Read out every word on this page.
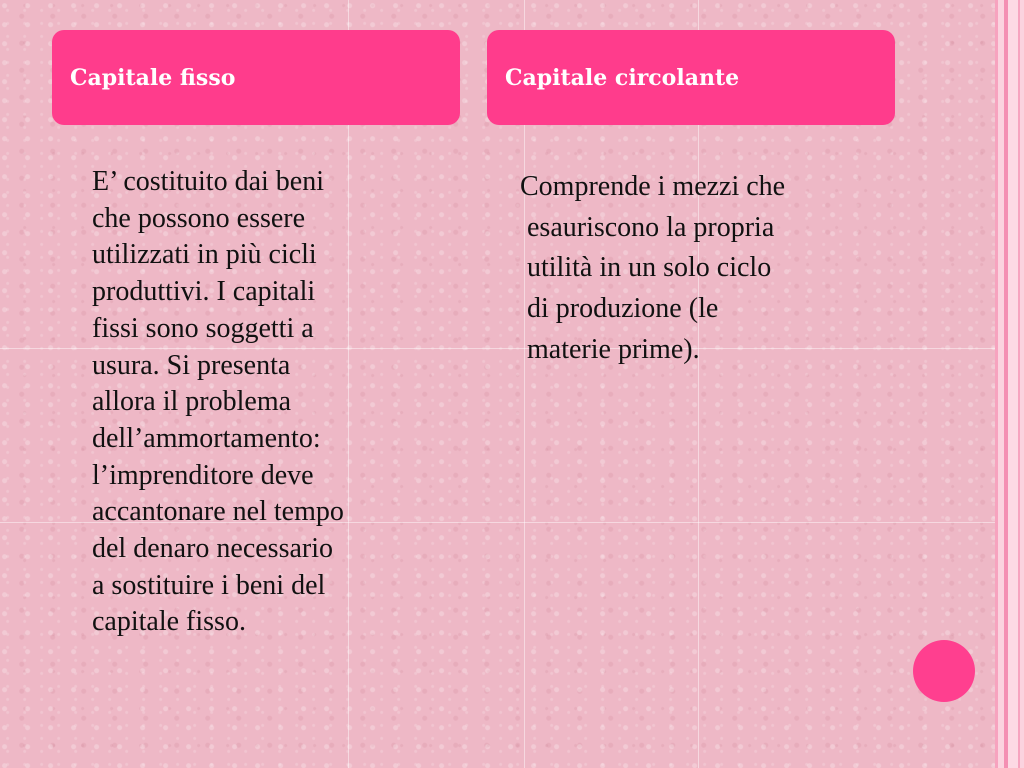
Capitale fisso	Capitale circolante

E’ costituito dai beni
che possono essere
utilizzati in più cicli
produttivi. I capitali
fissi sono soggetti a
usura. Si presenta
allora il problema
dell’ammortamento:
l’imprenditore deve
accantonare nel tempo
del denaro necessario
a sostituire i beni del
capitale fisso.

Comprende i mezzi che
esauriscono la propria
utilità in un solo ciclo
di produzione (le
materie prime).
